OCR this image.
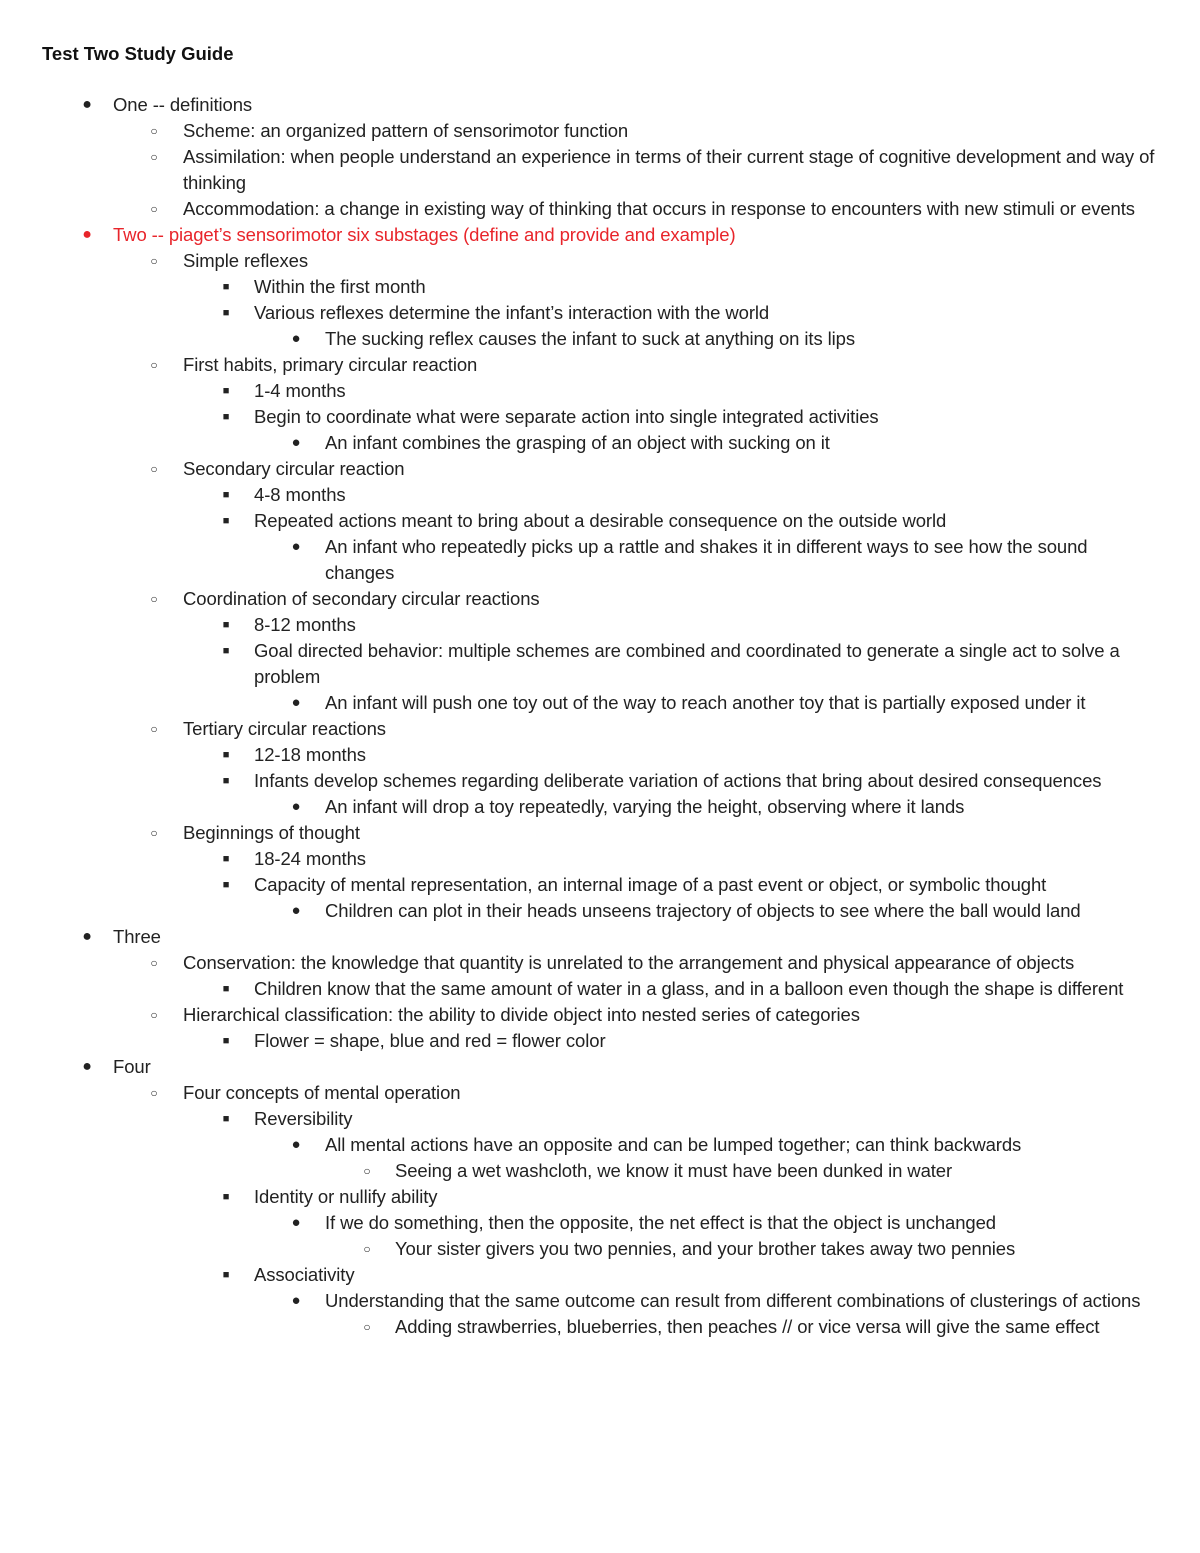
Test Two Study Guide
●	One -- definitions
○	Scheme: an organized pattern of sensorimotor function
○	Assimilation: when people understand an experience in terms of their current stage of cognitive development and way of thinking
○	Accommodation: a change in existing way of thinking that occurs in response to encounters with new stimuli or events
●	Two -- piaget’s sensorimotor six substages (define and provide and example)
○	Simple reflexes
■	Within the first month
■	Various reflexes determine the infant’s interaction with the world
●	The sucking reflex causes the infant to suck at anything on its lips
○	First habits, primary circular reaction
■	1-4 months
■	Begin to coordinate what were separate action into single integrated activities
●	An infant combines the grasping of an object with sucking on it
○	Secondary circular reaction
■	4-8 months
■	Repeated actions meant to bring about a desirable consequence on the outside world
●	An infant who repeatedly picks up a rattle and shakes it in different ways to see how the sound changes
○	Coordination of secondary circular reactions
■	8-12 months
■	Goal directed behavior: multiple schemes are combined and coordinated to generate a single act to solve a problem
●	An infant will push one toy out of the way to reach another toy that is partially exposed under it
○	Tertiary circular reactions
■	12-18 months
■	Infants develop schemes regarding deliberate variation of actions that bring about desired consequences
●	An infant will drop a toy repeatedly, varying the height, observing where it lands
○	Beginnings of thought
■	18-24 months
■	Capacity of mental representation, an internal image of a past event or object, or symbolic thought
●	Children can plot in their heads unseens trajectory of objects to see where the ball would land
●	Three
○	Conservation: the knowledge that quantity is unrelated to the arrangement and physical appearance of objects
■	Children know that the same amount of water in a glass, and in a balloon even though the shape is different
○	Hierarchical classification: the ability to divide object into nested series of categories
■	Flower = shape, blue and red = flower color
●	Four
○	Four concepts of mental operation
■	Reversibility
●	All mental actions have an opposite and can be lumped together; can think backwards
○	Seeing a wet washcloth, we know it must have been dunked in water
■	Identity or nullify ability
●	If we do something, then the opposite, the net effect is that the object is unchanged
○	Your sister givers you two pennies, and your brother takes away two pennies
■	Associativity
●	Understanding that the same outcome can result from different combinations of clusterings of actions
○	Adding strawberries, blueberries, then peaches // or vice versa will give the same effect
